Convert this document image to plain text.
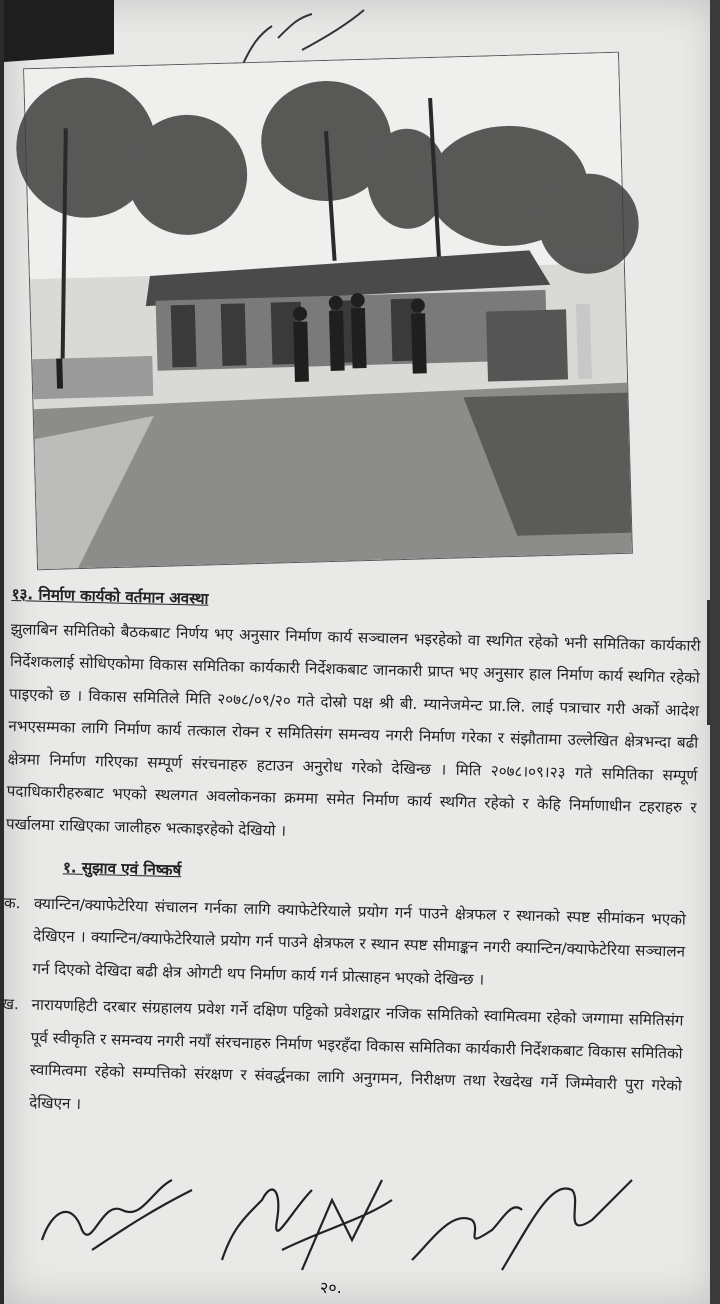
१३. निर्माण कार्यको वर्तमान अवस्था

झुलाबिन समितिको बैठकबाट निर्णय भए अनुसार निर्माण कार्य सञ्चालन भइरहेको वा स्थगित रहेको भनी समितिका कार्यकारी निर्देशकलाई सोधिएकोमा विकास समितिका कार्यकारी निर्देशकबाट जानकारी प्राप्त भए अनुसार हाल निर्माण कार्य स्थगित रहेको पाइएको छ । विकास समितिले मिति २०७८/०९/२० गते दोस्रो पक्ष श्री बी. म्यानेजमेन्ट प्रा.लि. लाई पत्राचार गरी अर्को आदेश नभएसम्मका लागि निर्माण कार्य तत्काल रोक्न र समितिसंग समन्वय नगरी निर्माण गरेका र संझौतामा उल्लेखित क्षेत्रभन्दा बढी क्षेत्रमा निर्माण गरिएका सम्पूर्ण संरचनाहरु हटाउन अनुरोध गरेको देखिन्छ । मिति २०७८।०९।२३ गते समितिका सम्पूर्ण पदाधिकारीहरुबाट भएको स्थलगत अवलोकनका क्रममा समेत निर्माण कार्य स्थगित रहेको र केहि निर्माणाधीन टहराहरु र पर्खालमा राखिएका जालीहरु भत्काइरहेको देखियो ।

१. सुझाव एवं निष्कर्ष
क. क्यान्टिन/क्याफेटेरिया संचालन गर्नका लागि क्याफेटेरियाले प्रयोग गर्न पाउने क्षेत्रफल र स्थानको स्पष्ट सीमांकन भएको देखिएन । क्यान्टिन/क्याफेटेरियाले प्रयोग गर्न पाउने क्षेत्रफल र स्थान स्पष्ट सीमाङ्कन नगरी क्यान्टिन/क्याफेटेरिया सञ्चालन गर्न दिएको देखिदा बढी क्षेत्र ओगटी थप निर्माण कार्य गर्न प्रोत्साहन भएको देखिन्छ ।
ख. नारायणहिटी दरबार संग्रहालय प्रवेश गर्ने दक्षिण पट्टिको प्रवेशद्वार नजिक समितिको स्वामित्वमा रहेको जग्गामा समितिसंग पूर्व स्वीकृति र समन्वय नगरी नयाँ संरचनाहरु निर्माण भइरहँदा विकास समितिका कार्यकारी निर्देशकबाट विकास समितिको स्वामित्वमा रहेको सम्पत्तिको संरक्षण र संवर्द्धनका लागि अनुगमन, निरीक्षण तथा रेखदेख गर्ने जिम्मेवारी पुरा गरेको देखिएन ।
२०.
